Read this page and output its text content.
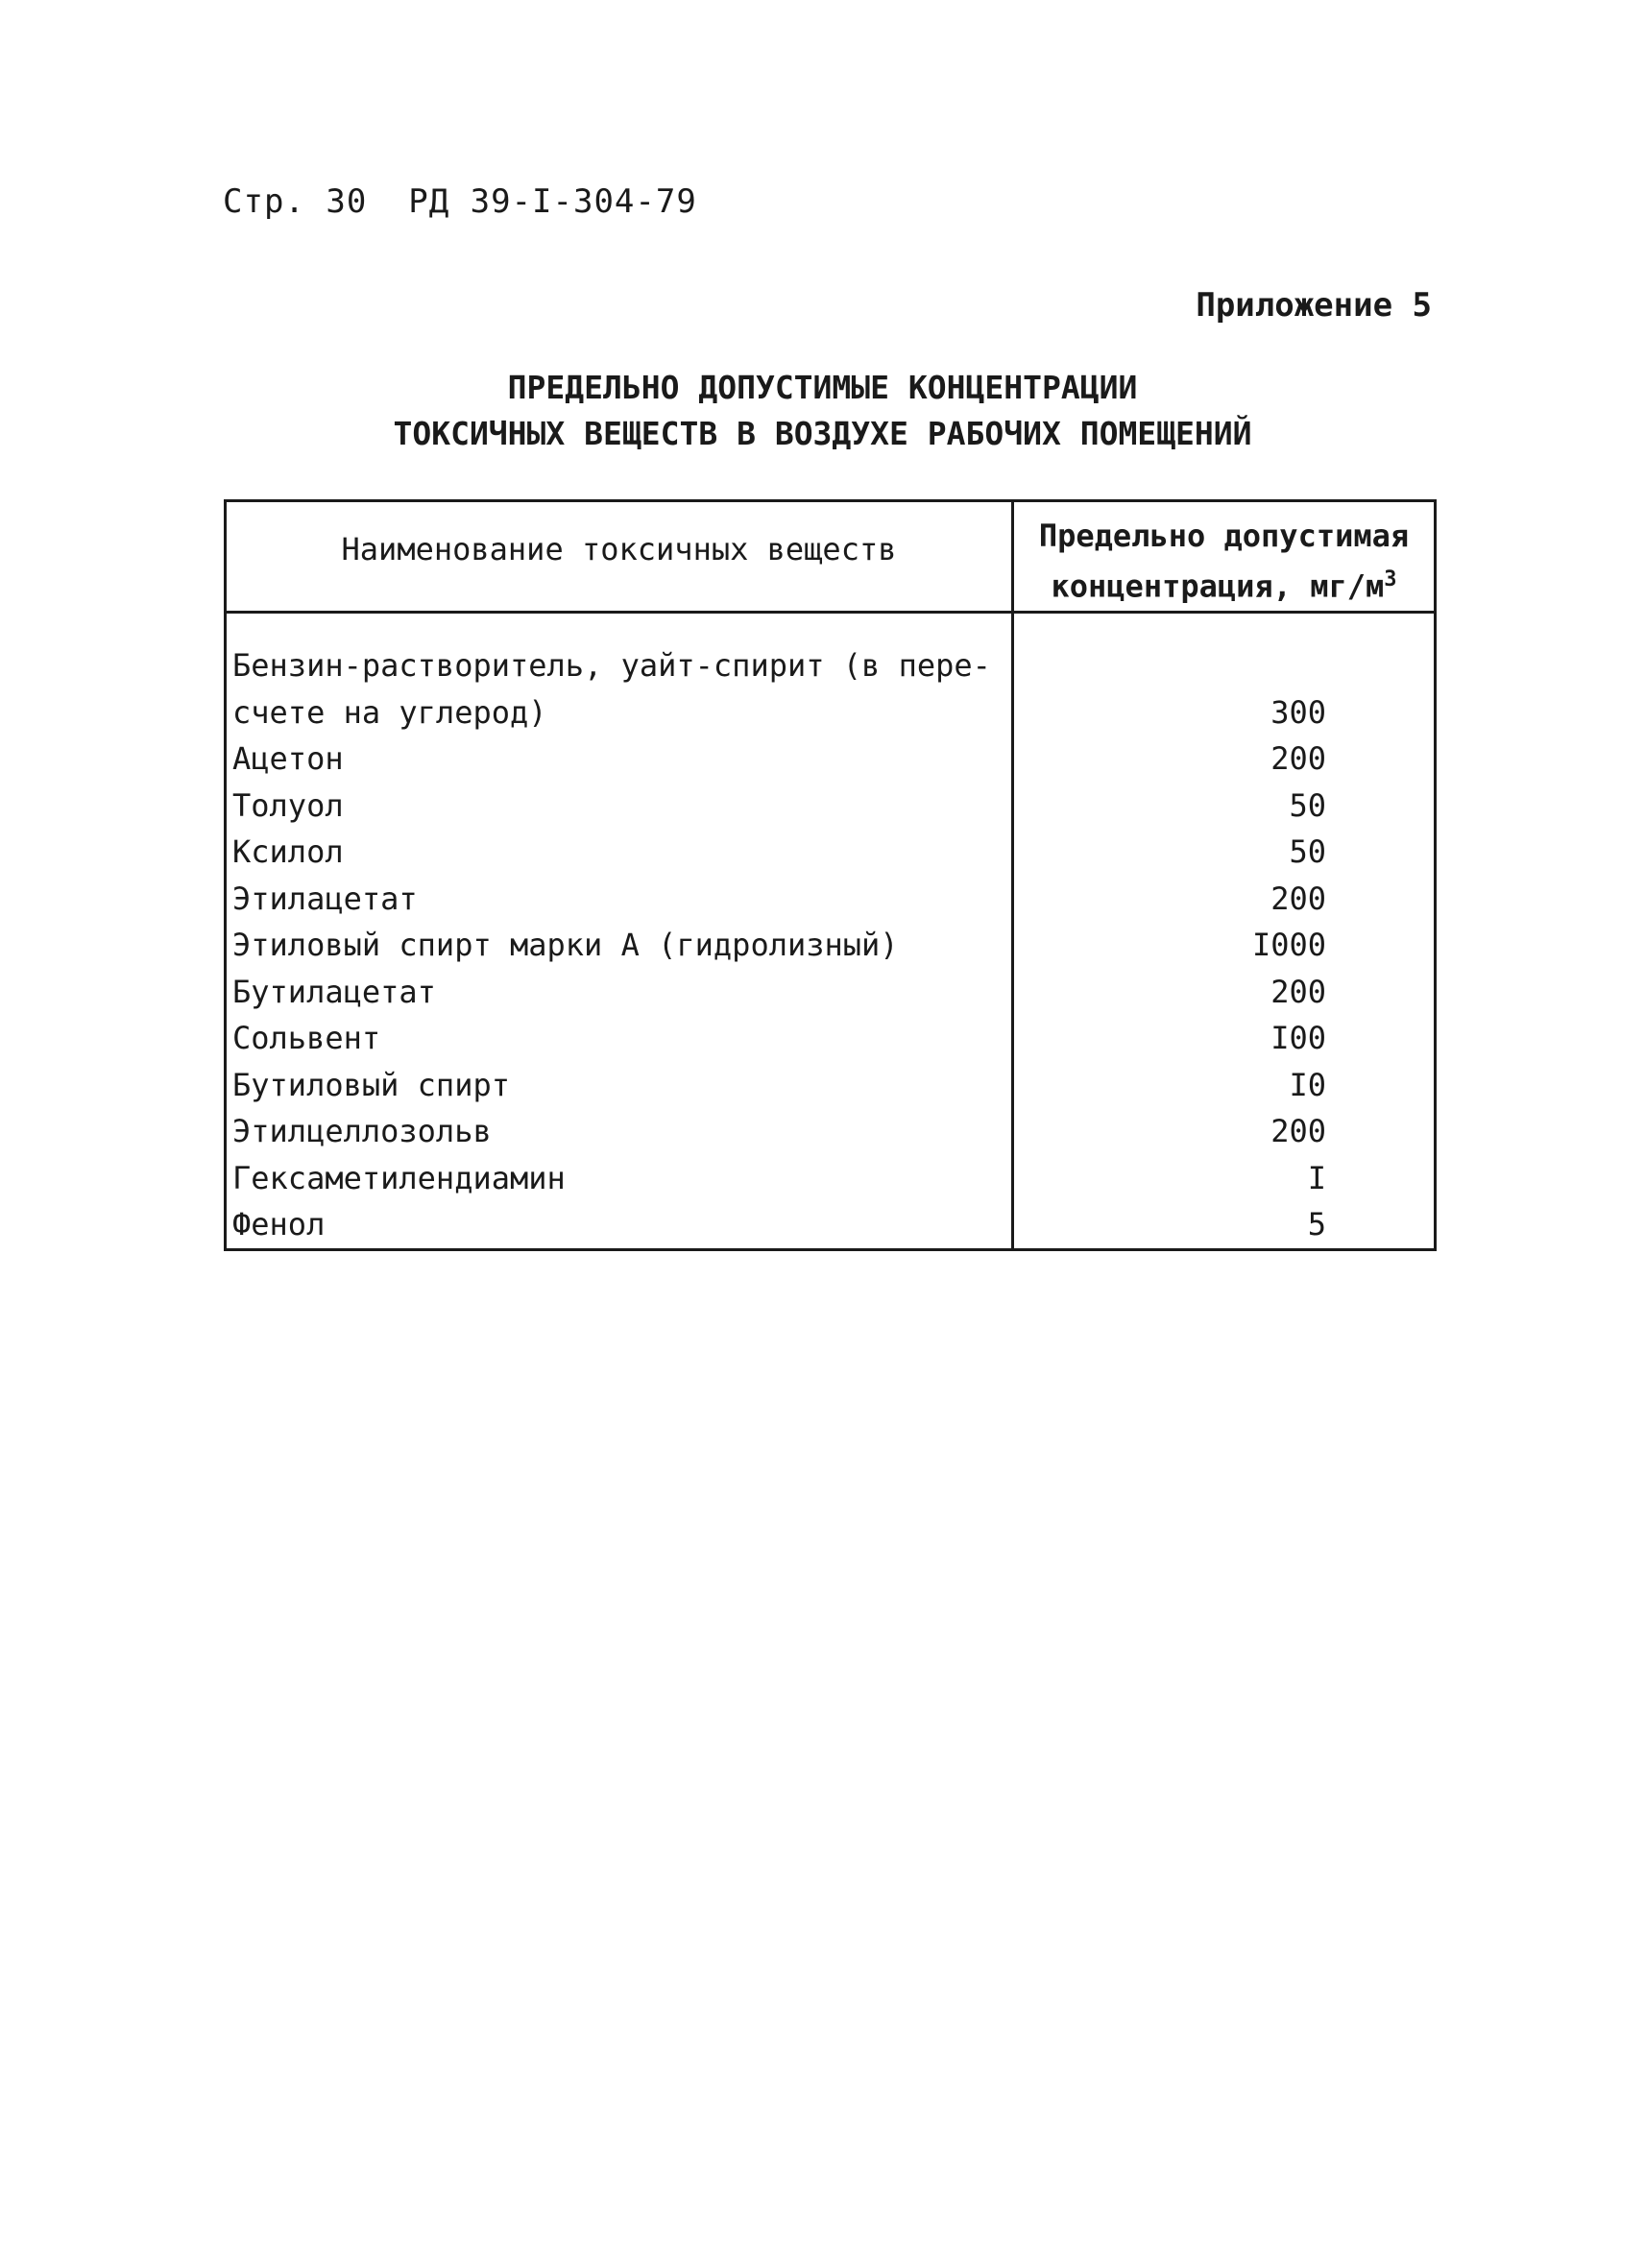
Стр. 30  РД 39-I-304-79
Приложение 5
ПРЕДЕЛЬНО ДОПУСТИМЫЕ КОНЦЕНТРАЦИИ
ТОКСИЧНЫХ ВЕЩЕСТВ В ВОЗДУХЕ РАБОЧИХ ПОМЕЩЕНИЙ
Наименование токсичных веществ	Предельно допустимая
концентрация, $мг/м^3$
Бензин-растворитель, уайт-спирит (в пере-
счете на углерод)	300
Ацетон	200
Толуол	50
Ксилол	50
Этилацетат	200
Этиловый спирт марки А (гидролизный)	I000
Бутилацетат	200
Сольвент	I00
Бутиловый спирт	I0
Этилцеллозольв	200
Гексаметилендиамин	I
Фенол	5
